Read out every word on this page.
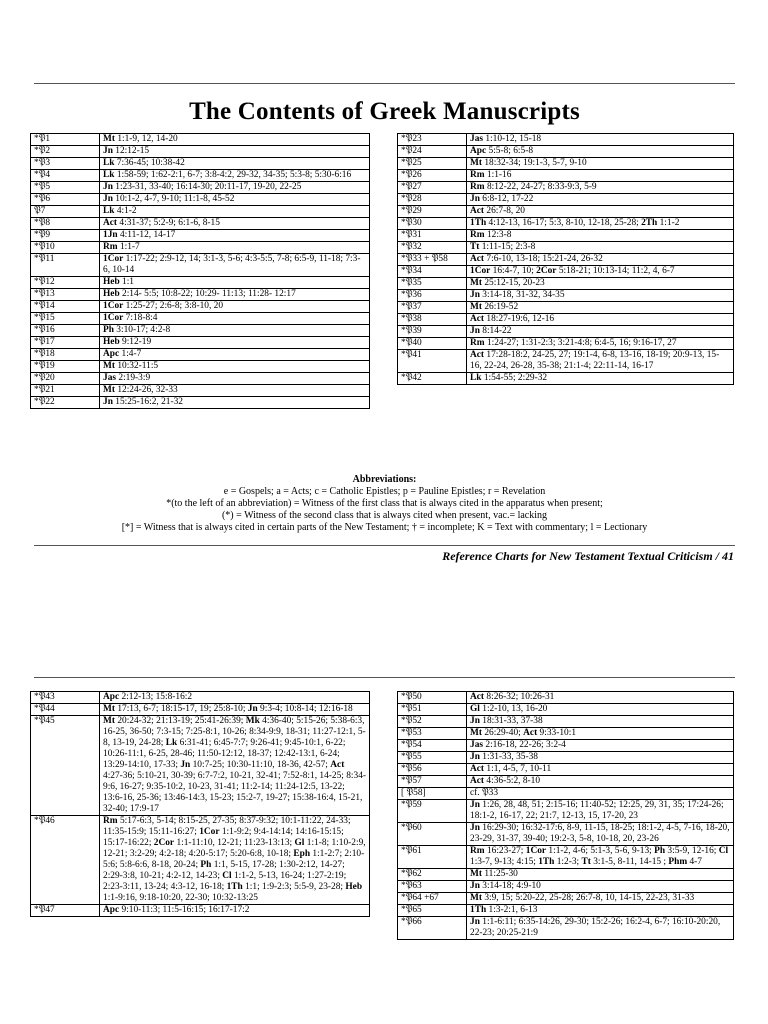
The Contents of Greek Manuscripts
*𝔓1	Mt 1:1-9, 12, 14-20
*𝔓2	Jn 12:12-15
*𝔓3	Lk 7:36-45; 10:38-42
*𝔓4	Lk 1:58-59; 1:62-2:1, 6-7; 3:8-4:2, 29-32, 34-35; 5:3-8; 5:30-6:16
*𝔓5	Jn 1:23-31, 33-40; 16:14-30; 20:11-17, 19-20, 22-25
*𝔓6	Jn 10:1-2, 4-7, 9-10; 11:1-8, 45-52
𝔓7	Lk 4:1-2
*𝔓8	Act 4:31-37; 5:2-9; 6:1-6, 8-15
*𝔓9	1Jn 4:11-12, 14-17
*𝔓10	Rm 1:1-7
*𝔓11	1Cor 1:17-22; 2:9-12, 14; 3:1-3, 5-6; 4:3-5:5, 7-8; 6:5-9, 11-18; 7:3-6, 10-14
*𝔓12	Heb 1:1
*𝔓13	Heb 2:14- 5:5; 10:8-22; 10:29- 11:13; 11:28- 12:17
*𝔓14	1Cor 1:25-27; 2:6-8; 3:8-10, 20
*𝔓15	1Cor 7:18-8:4
*𝔓16	Ph 3:10-17; 4:2-8
*𝔓17	Heb 9:12-19
*𝔓18	Apc 1:4-7
*𝔓19	Mt 10:32-11:5
*𝔓20	Jas 2:19-3:9
*𝔓21	Mt 12:24-26, 32-33
*𝔓22	Jn 15:25-16:2, 21-32
*𝔓23	Jas 1:10-12, 15-18
*𝔓24	Apc 5:5-8; 6:5-8
*𝔓25	Mt 18:32-34; 19:1-3, 5-7, 9-10
*𝔓26	Rm 1:1-16
*𝔓27	Rm 8:12-22, 24-27; 8:33-9:3, 5-9
*𝔓28	Jn 6:8-12, 17-22
*𝔓29	Act 26:7-8, 20
*𝔓30	1Th 4:12-13, 16-17; 5:3, 8-10, 12-18, 25-28; 2Th 1:1-2
*𝔓31	Rm 12:3-8
*𝔓32	Tt 1:11-15; 2:3-8
*𝔓33 + 𝔓58	Act 7:6-10, 13-18; 15:21-24, 26-32
*𝔓34	1Cor 16:4-7, 10; 2Cor 5:18-21; 10:13-14; 11:2, 4, 6-7
*𝔓35	Mt 25:12-15, 20-23
*𝔓36	Jn 3:14-18, 31-32, 34-35
*𝔓37	Mt 26:19-52
*𝔓38	Act 18:27-19:6, 12-16
*𝔓39	Jn 8:14-22
*𝔓40	Rm 1:24-27; 1:31-2:3; 3:21-4:8; 6:4-5, 16; 9:16-17, 27
*𝔓41	Act 17:28-18:2, 24-25, 27; 19:1-4, 6-8, 13-16, 18-19; 20:9-13, 15-16, 22-24, 26-28, 35-38; 21:1-4; 22:11-14, 16-17
*𝔓42	Lk 1:54-55; 2:29-32
Abbreviations:
e = Gospels; a = Acts; c = Catholic Epistles; p = Pauline Epistles; r = Revelation
*(to the left of an abbreviation) = Witness of the first class that is always cited in the apparatus when present;
(*) = Witness of the second class that is always cited when present, vac.= lacking
[*] = Witness that is always cited in certain parts of the New Testament; † = incomplete; K = Text with commentary; l = Lectionary
Reference Charts for New Testament Textual Criticism / 41
*𝔓43	Apc 2:12-13; 15:8-16:2
*𝔓44	Mt 17:13, 6-7; 18:15-17, 19; 25:8-10; Jn 9:3-4; 10:8-14; 12:16-18
*𝔓45	Mt 20:24-32; 21:13-19; 25:41-26:39; Mk 4:36-40; 5:15-26; 5:38-6:3, 16-25, 36-50; 7:3-15; 7:25-8:1, 10-26; 8:34-9:9, 18-31; 11:27-12:1, 5-8, 13-19, 24-28; Lk 6:31-41; 6:45-7:7; 9:26-41; 9:45-10:1, 6-22; 10:26-11:1, 6-25, 28-46; 11:50-12:12, 18-37; 12:42-13:1, 6-24; 13:29-14:10, 17-33; Jn 10:7-25; 10:30-11:10, 18-36, 42-57; Act 4:27-36; 5:10-21, 30-39; 6:7-7:2, 10-21, 32-41; 7:52-8:1, 14-25; 8:34-9:6, 16-27; 9:35-10:2, 10-23, 31-41; 11:2-14; 11:24-12:5, 13-22; 13:6-16, 25-36; 13:46-14:3, 15-23; 15:2-7, 19-27; 15:38-16:4, 15-21, 32-40; 17:9-17
*𝔓46	Rm 5:17-6:3, 5-14; 8:15-25, 27-35; 8:37-9:32; 10:1-11:22, 24-33; 11:35-15:9; 15:11-16:27; 1Cor 1:1-9:2; 9:4-14:14; 14:16-15:15; 15:17-16:22; 2Cor 1:1-11:10, 12-21; 11:23-13:13; Gl 1:1-8; 1:10-2:9, 12-21; 3:2-29; 4:2-18; 4:20-5:17; 5:20-6:8, 10-18; Eph 1:1-2:7; 2:10-5:6; 5:8-6:6, 8-18, 20-24; Ph 1:1, 5-15, 17-28; 1:30-2:12, 14-27; 2:29-3:8, 10-21; 4:2-12, 14-23; Cl 1:1-2, 5-13, 16-24; 1:27-2:19; 2:23-3:11, 13-24; 4:3-12, 16-18; 1Th 1:1; 1:9-2:3; 5:5-9, 23-28; Heb 1:1-9:16, 9:18-10:20, 22-30; 10:32-13:25
*𝔓47	Apc 9:10-11:3; 11:5-16:15; 16:17-17:2
*𝔓50	Act 8:26-32; 10:26-31
*𝔓51	Gl 1:2-10, 13, 16-20
*𝔓52	Jn 18:31-33, 37-38
*𝔓53	Mt 26:29-40; Act 9:33-10:1
*𝔓54	Jas 2:16-18, 22-26; 3:2-4
*𝔓55	Jn 1:31-33, 35-38
*𝔓56	Act 1:1, 4-5, 7, 10-11
*𝔓57	Act 4:36-5:2, 8-10
[ 𝔓58]	cf. 𝔓33
*𝔓59	Jn 1:26, 28, 48, 51; 2:15-16; 11:40-52; 12:25, 29, 31, 35; 17:24-26; 18:1-2, 16-17, 22; 21:7, 12-13, 15, 17-20, 23
*𝔓60	Jn 16:29-30; 16:32-17:6, 8-9, 11-15, 18-25; 18:1-2, 4-5, 7-16, 18-20, 23-29, 31-37, 39-40; 19:2-3, 5-8, 10-18, 20, 23-26
*𝔓61	Rm 16:23-27; 1Cor 1:1-2, 4-6; 5:1-3, 5-6, 9-13; Ph 3:5-9, 12-16; Cl 1:3-7, 9-13; 4:15; 1Th 1:2-3; Tt 3:1-5, 8-11, 14-15 ; Phm 4-7
*𝔓62	Mt 11:25-30
*𝔓63	Jn 3:14-18; 4:9-10
*𝔓64 +67	Mt 3:9, 15; 5:20-22, 25-28; 26:7-8, 10, 14-15, 22-23, 31-33
*𝔓65	1Th 1:3-2:1, 6-13
*𝔓66	Jn 1:1-6:11; 6:35-14:26, 29-30; 15:2-26; 16:2-4, 6-7; 16:10-20:20, 22-23; 20:25-21:9
